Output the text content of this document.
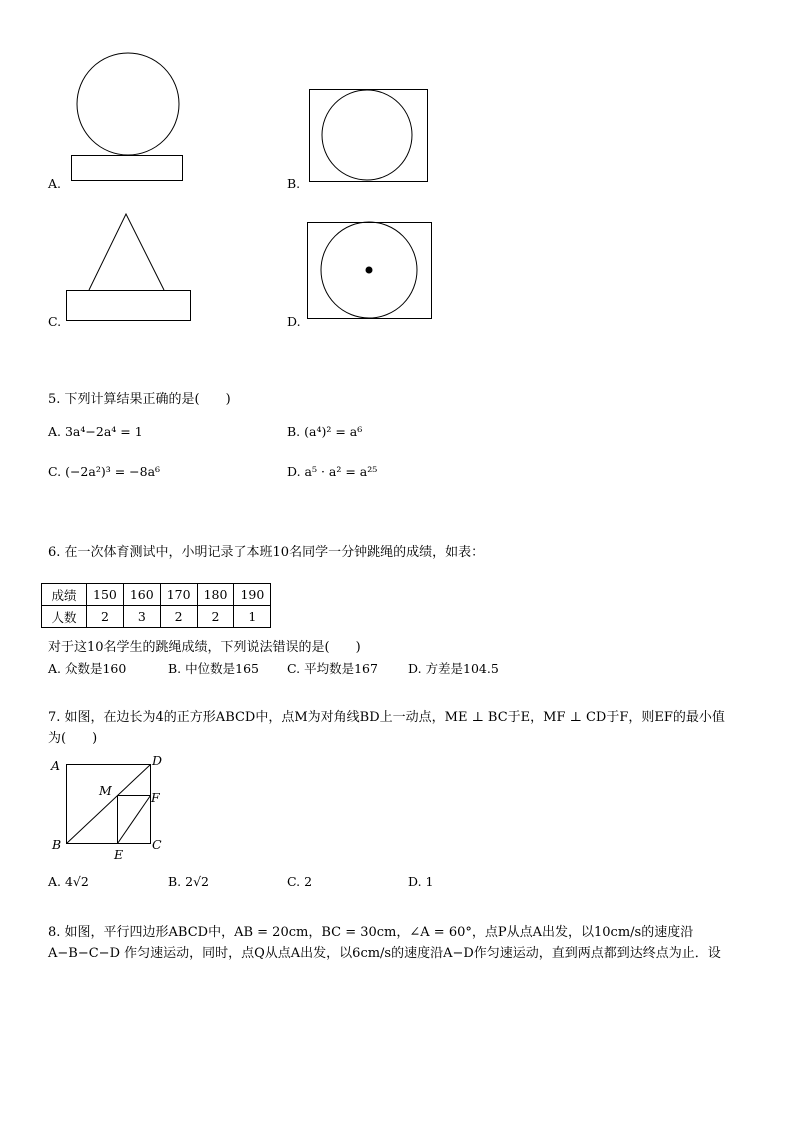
A.	B.
C.	D.
5. 下列计算结果正确的是(　　)
A. 3a⁴−2a⁴ = 1	B. (a⁴)² = a⁶
C. (−2a²)³ = −8a⁶	D. a⁵ · a² = a²⁵
6. 在一次体育测试中，小明记录了本班10名同学一分钟跳绳的成绩，如表：
成绩	150	160	170	180	190
人数	2	3	2	2	1
对于这10名学生的跳绳成绩，下列说法错误的是(　　)
A. 众数是160	B. 中位数是165 C. 平均数是167 D. 方差是104.5
7. 如图，在边长为4的正方形ABCD中，点M为对角线BD上一动点，ME ⊥ BC于E，MF ⊥ CD于F，则EF的最小值
为(　　)
A	D
M	F
B	C
E
A. 4√2	B. 2√2	C. 2	D. 1
8. 如图，平行四边形ABCD中，AB = 20cm，BC = 30cm，∠A = 60°，点P从点A出发，以10cm/s的速度沿
A−B−C−D 作匀速运动，同时，点Q从点A出发，以6cm/s的速度沿A−D作匀速运动，直到两点都到达终点为止．设
